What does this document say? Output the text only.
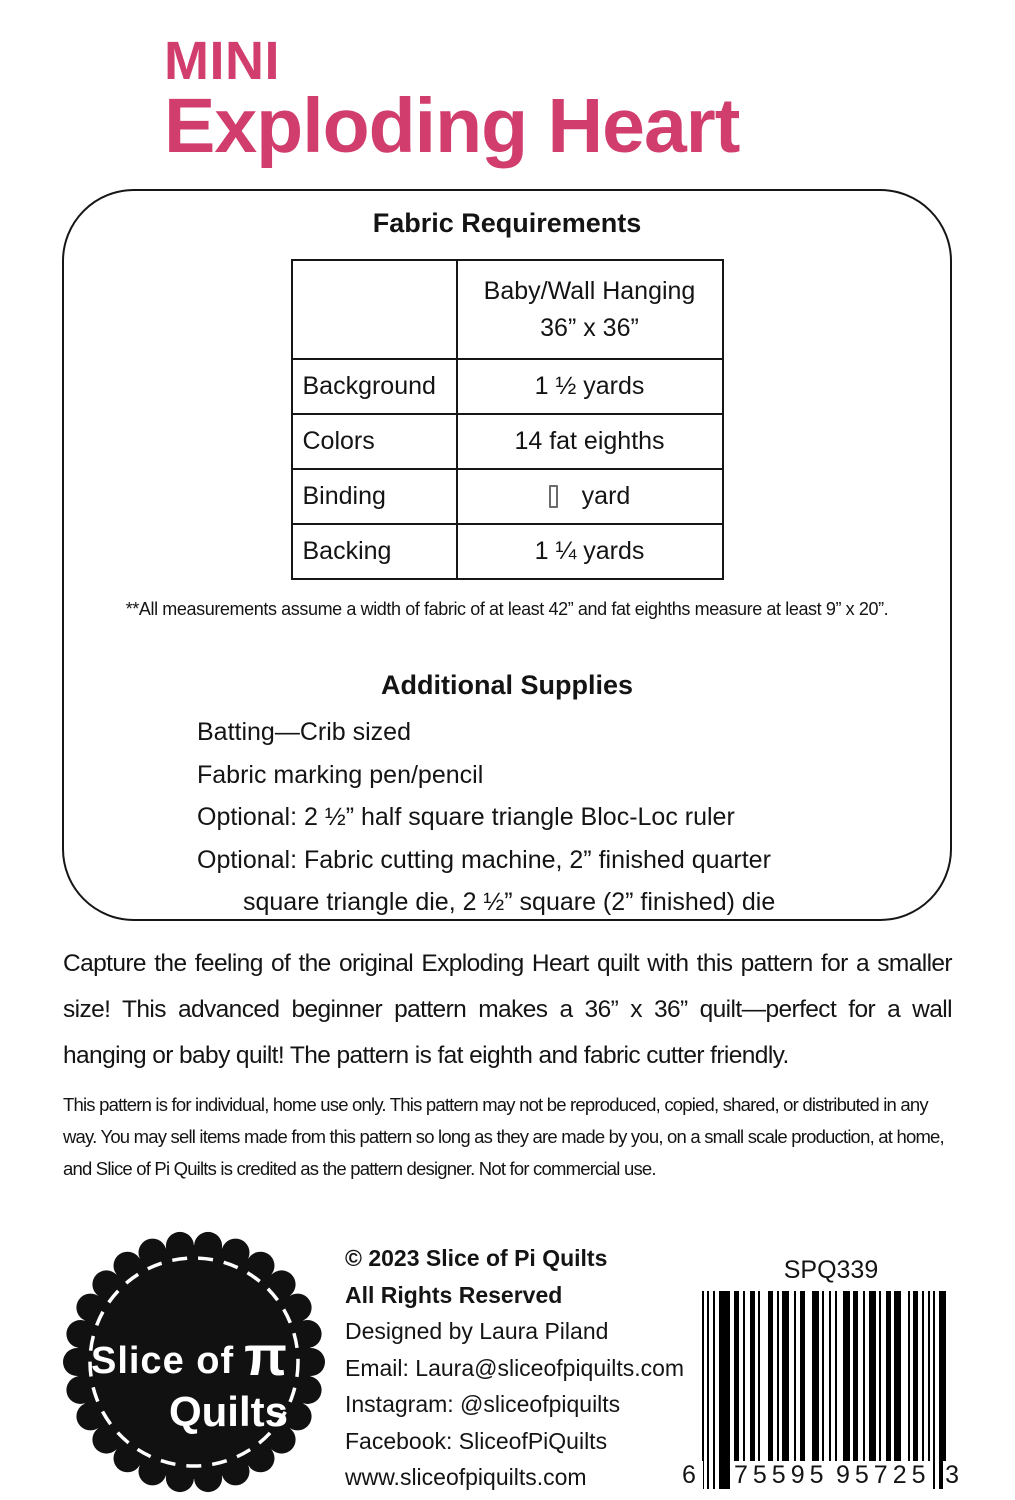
MINI
Exploding Heart
Fabric Requirements

	Baby/Wall Hanging
36” x 36”

Background	1 ½ yards
Colors	14 fat eighths
Binding	yard
Backing	1 ¼ yards
**All measurements assume a width of fabric of at least 42” and fat eighths measure at least 9” x 20”.
Additional Supplies
Batting—Crib sized
Fabric marking pen/pencil
Optional: 2 ½” half square triangle Bloc-Loc ruler
Optional: Fabric cutting machine, 2” finished quarter
square triangle die, 2 ½” square (2” finished) die
Capture the feeling of the original Exploding Heart quilt with this pattern for a smaller size! This advanced beginner pattern makes a 36” x 36” quilt—perfect for a wall hanging or baby quilt! The pattern is fat eighth and fabric cutter friendly.
This pattern is for individual, home use only. This pattern may not be reproduced, copied, shared, or distributed in any way. You may sell items made from this pattern so long as they are made by you, on a small scale production, at home, and Slice of Pi Quilts is credited as the pattern designer. Not for commercial use.
Slice of π
Quilts
© 2023 Slice of Pi Quilts
All Rights Reserved
Designed by Laura Piland
Email: Laura@sliceofpiquilts.com
Instagram: @sliceofpiquilts
Facebook: SliceofPiQuilts
www.sliceofpiquilts.com
SPQ339
6 75595 95725 3
